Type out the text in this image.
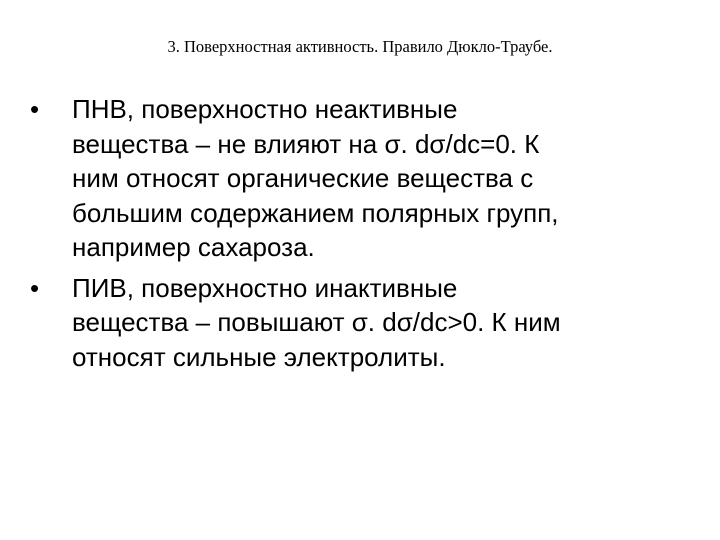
3. Поверхностная активность. Правило Дюкло-Траубе.
•	ПНВ, поверхностно неактивные
вещества – не влияют на σ. dσ/dc=0. К
ним относят органические вещества с
большим содержанием полярных групп,
например сахароза.
•	ПИВ, поверхностно инактивные
вещества – повышают σ. dσ/dc>0. К ним
относят сильные электролиты.
